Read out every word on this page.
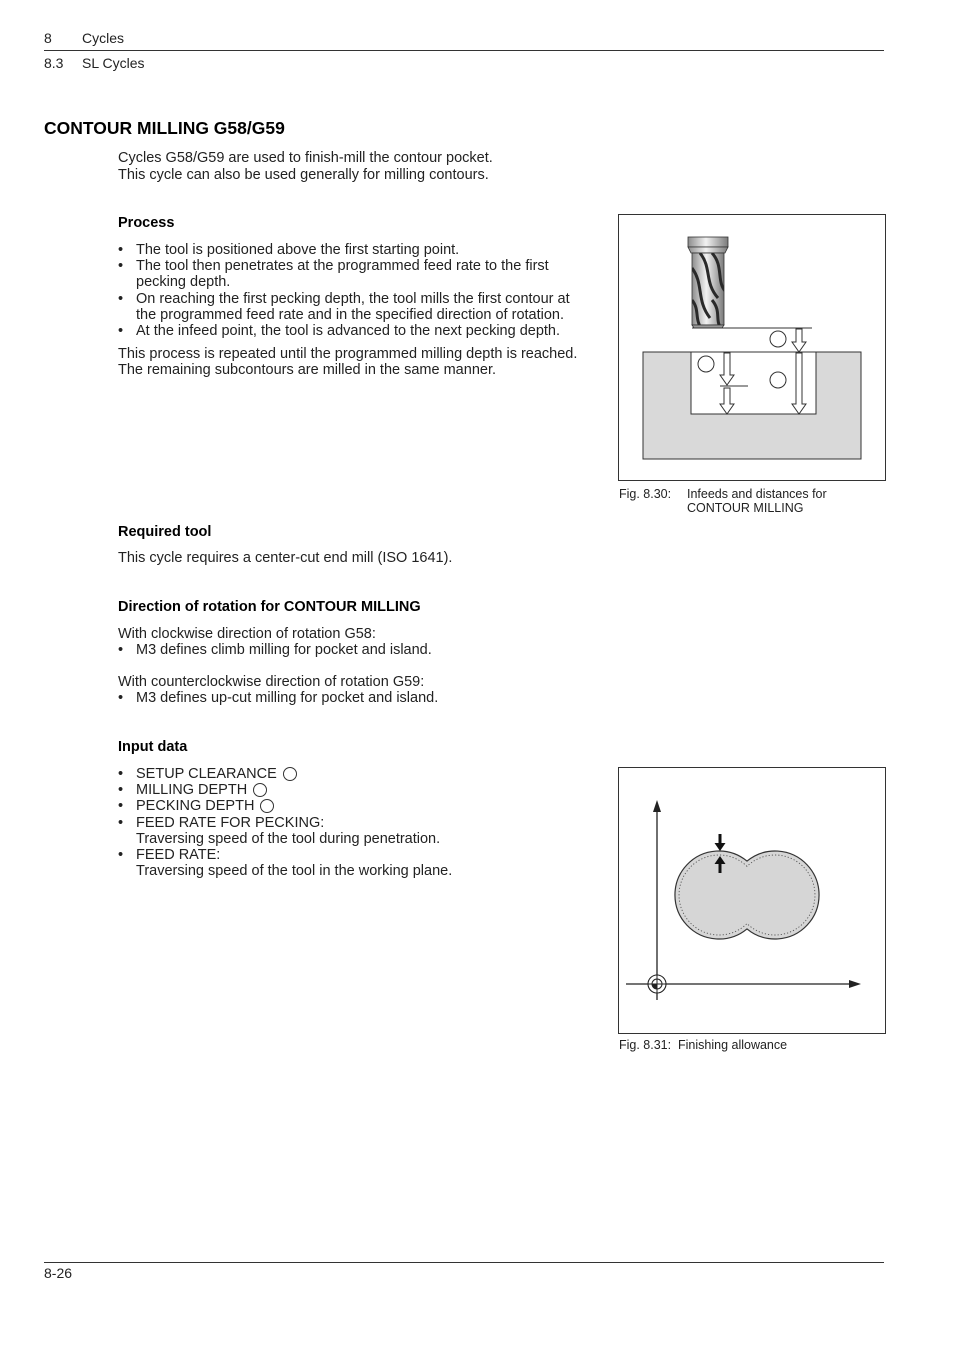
8 Cycles
8.3 SL Cycles
CONTOUR MILLING G58/G59
Cycles G58/G59 are used to finish-mill the contour pocket.
This cycle can also be used generally for milling contours.
Process
• The tool is positioned above the first starting point.
• The tool then penetrates at the programmed feed rate to the first
pecking depth.
• On reaching the first pecking depth, the tool mills the first contour at
the programmed feed rate and in the specified direction of rotation.
• At the infeed point, the tool is advanced to the next pecking depth.
This process is repeated until the programmed milling depth is reached.
The remaining subcontours are milled in the same manner.
Fig. 8.30: Infeeds and distances for
CONTOUR MILLING
Required tool
This cycle requires a center-cut end mill (ISO 1641).
Direction of rotation for CONTOUR MILLING
With clockwise direction of rotation G58:
• M3 defines climb milling for pocket and island.
With counterclockwise direction of rotation G59:
• M3 defines up-cut milling for pocket and island.
Input data
• SETUP CLEARANCE
• MILLING DEPTH
• PECKING DEPTH
• FEED RATE FOR PECKING:
Traversing speed of the tool during penetration.
• FEED RATE:
Traversing speed of the tool in the working plane.
Fig. 8.31: Finishing allowance
8-26
